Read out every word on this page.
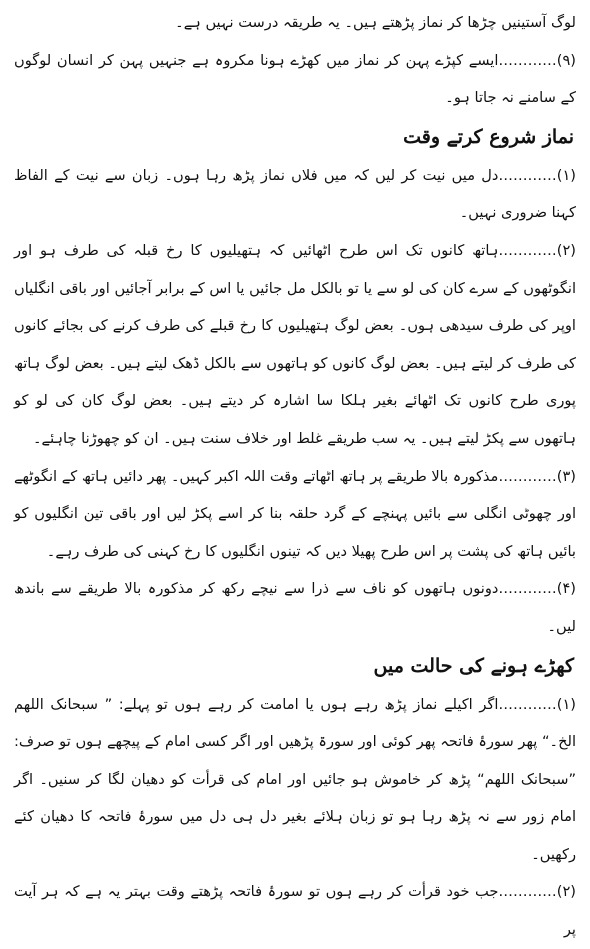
لوگ آستینیں چڑھا کر نماز پڑھتے ہیں۔ یہ طریقہ درست نہیں ہے۔

(۹)…………ایسے کپڑے پہن کر نماز میں کھڑے ہونا مکروہ ہے جنہیں پہن کر انسان لوگوں کے سامنے نہ جاتا ہو۔

نماز شروع کرتے وقت

(۱)…………دل میں نیت کر لیں کہ میں فلاں نماز پڑھ رہا ہوں۔ زبان سے نیت کے الفاظ کہنا ضروری نہیں۔

(۲)…………ہاتھ کانوں تک اس طرح اٹھائیں کہ ہتھیلیوں کا رخ قبلہ کی طرف ہو اور انگوٹھوں کے سرے کان کی لو سے یا تو بالکل مل جائیں یا اس کے برابر آجائیں اور باقی انگلیاں اوپر کی طرف سیدھی ہوں۔ بعض لوگ ہتھیلیوں کا رخ قبلے کی طرف کرنے کی بجائے کانوں کی طرف کر لیتے ہیں۔ بعض لوگ کانوں کو ہاتھوں سے بالکل ڈھک لیتے ہیں۔ بعض لوگ ہاتھ پوری طرح کانوں تک اٹھائے بغیر ہلکا سا اشارہ کر دیتے ہیں۔ بعض لوگ کان کی لو کو ہاتھوں سے پکڑ لیتے ہیں۔ یہ سب طریقے غلط اور خلاف سنت ہیں۔ ان کو چھوڑنا چاہئے۔

(۳)…………مذکورہ بالا طریقے پر ہاتھ اٹھاتے وقت اللہ اکبر کہیں۔ پھر دائیں ہاتھ کے انگوٹھے اور چھوٹی انگلی سے بائیں پہنچے کے گرد حلقہ بنا کر اسے پکڑ لیں اور باقی تین انگلیوں کو بائیں ہاتھ کی پشت پر اس طرح پھیلا دیں کہ تینوں انگلیوں کا رخ کہنی کی طرف رہے۔

(۴)…………دونوں ہاتھوں کو ناف سے ذرا سے نیچے رکھ کر مذکورہ بالا طریقے سے باندھ لیں۔

کھڑے ہونے کی حالت میں

(۱)…………اگر اکیلے نماز پڑھ رہے ہوں یا امامت کر رہے ہوں تو پہلے: ” سبحانک اللھم الخ۔“ پھر سورۂ فاتحہ پھر کوئی اور سورۃ پڑھیں اور اگر کسی امام کے پیچھے ہوں تو صرف: ”سبحانک اللھم“ پڑھ کر خاموش ہو جائیں اور امام کی قرأت کو دھیان لگا کر سنیں۔ اگر امام زور سے نہ پڑھ رہا ہو تو زبان ہلائے بغیر دل ہی دل میں سورۂ فاتحہ کا دھیان کئے رکھیں۔

(۲)…………جب خود قرأت کر رہے ہوں تو سورۂ فاتحہ پڑھتے وقت بہتر یہ ہے کہ ہر آیت پر
